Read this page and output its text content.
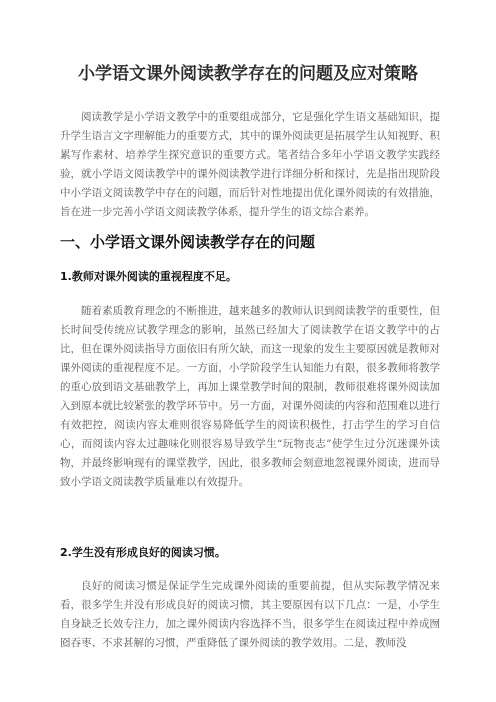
小学语文课外阅读教学存在的问题及应对策略
阅读教学是小学语文教学中的重要组成部分，它是强化学生语文基础知识，提升学生语言文字理解能力的重要方式，其中的课外阅读更是拓展学生认知视野、积累写作素材、培养学生探究意识的重要方式。笔者结合多年小学语文教学实践经验，就小学语文阅读教学中的课外阅读教学进行详细分析和探讨，先是指出现阶段中小学语文阅读教学中存在的问题，而后针对性地提出优化课外阅读的有效措施，旨在进一步完善小学语文阅读教学体系，提升学生的语文综合素养。
一、小学语文课外阅读教学存在的问题
1.教师对课外阅读的重视程度不足。
随着素质教育理念的不断推进，越来越多的教师认识到阅读教学的重要性，但长时间受传统应试教学理念的影响，虽然已经加大了阅读教学在语文教学中的占比，但在课外阅读指导方面依旧有所欠缺，而这一现象的发生主要原因就是教师对课外阅读的重视程度不足。一方面，小学阶段学生认知能力有限，很多教师将教学的重心放到语文基础教学上，再加上课堂教学时间的限制，教师很难将课外阅读加入到原本就比较紧张的教学环节中。另一方面，对课外阅读的内容和范围难以进行有效把控，阅读内容太难则很容易降低学生的阅读积极性，打击学生的学习自信心，而阅读内容太过趣味化则很容易导致学生“玩物丧志”使学生过分沉迷课外读物，并最终影响现有的课堂教学，因此，很多教师会刻意地忽视课外阅读，进而导致小学语文阅读教学质量难以有效提升。
2.学生没有形成良好的阅读习惯。
良好的阅读习惯是保证学生完成课外阅读的重要前提，但从实际教学情况来看，很多学生并没有形成良好的阅读习惯，其主要原因有以下几点：一是，小学生自身缺乏长效专注力，加之课外阅读内容选择不当，很多学生在阅读过程中养成囫囵吞枣、不求甚解的习惯，严重降低了课外阅读的教学效用。二是，教师没
